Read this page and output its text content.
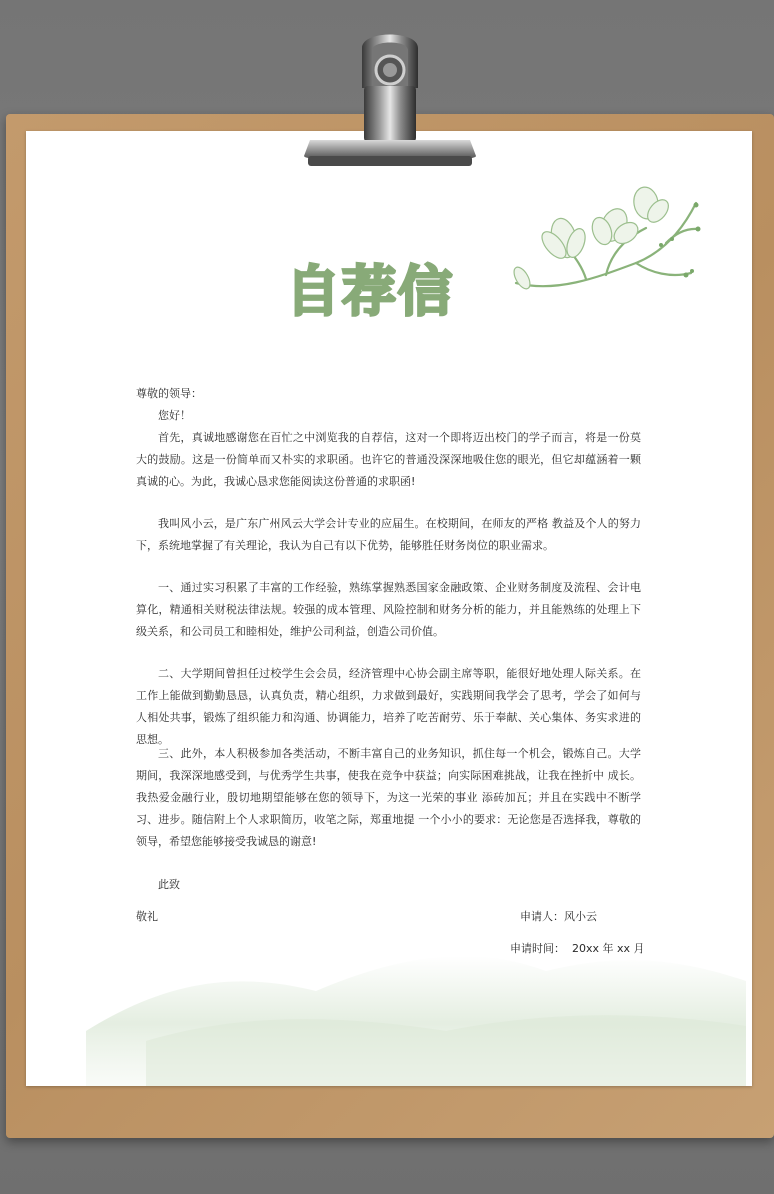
自荐信
尊敬的领导：
您好！
首先，真诚地感谢您在百忙之中浏览我的自荐信，这对一个即将迈出校门的学子而言，将是一份莫大的鼓励。这是一份简单而又朴实的求职函。也许它的普通没深深地吸住您的眼光，但它却蕴涵着一颗真诚的心。为此，我诚心恳求您能阅读这份普通的求职函!
我叫风小云，是广东广州风云大学会计专业的应届生。在校期间，在师友的严格 教益及个人的努力下，系统地掌握了有关理论，我认为自己有以下优势，能够胜任财务岗位的职业需求。
一、通过实习积累了丰富的工作经验，熟练掌握熟悉国家金融政策、企业财务制度及流程、会计电算化，精通相关财税法律法规。较强的成本管理、风险控制和财务分析的能力，并且能熟练的处理上下级关系，和公司员工和睦相处，维护公司利益，创造公司价值。
二、大学期间曾担任过校学生会会员，经济管理中心协会副主席等职，能很好地处理人际关系。在工作上能做到勤勤恳恳，认真负责，精心组织，力求做到最好，实践期间我学会了思考，学会了如何与人相处共事，锻炼了组织能力和沟通、协调能力，培养了吃苦耐劳、乐于奉献、关心集体、务实求进的思想。
三、此外，本人积极参加各类活动，不断丰富自己的业务知识，抓住每一个机会，锻炼自己。大学期间，我深深地感受到，与优秀学生共事，使我在竞争中获益；向实际困难挑战，让我在挫折中 成长。我热爱金融行业，殷切地期望能够在您的领导下，为这一光荣的事业 添砖加瓦；并且在实践中不断学习、进步。随信附上个人求职简历，收笔之际，郑重地提 一个小小的要求：无论您是否选择我，尊敬的领导，希望您能够接受我诚恳的谢意!
此致
敬礼	申请人：风小云
申请时间：  20xx 年 xx 月
